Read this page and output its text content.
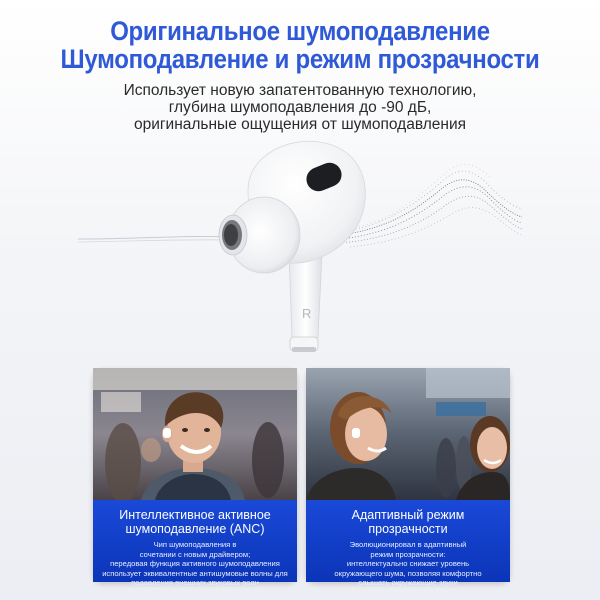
Оригинальное шумоподавление
Шумоподавление и режим прозрачности
Использует новую запатентованную технологию,
глубина шумоподавления до -90 дБ,
оригинальные ощущения от шумоподавления
R
Интеллективное активное
шумоподавление (ANC)
Чип шумоподавления в
сочетании с новым драйвером;
передовая функция активного шумоподавления
использует эквивалентные антишумовые волны для
подавления внешних звуковых волн
Адаптивный режим
прозрачности
Эволюционировал в адаптивный
режим прозрачности:
интеллектуально снижает уровень
окружающего шума, позволяя комфортно
слышать окружающие звуки
